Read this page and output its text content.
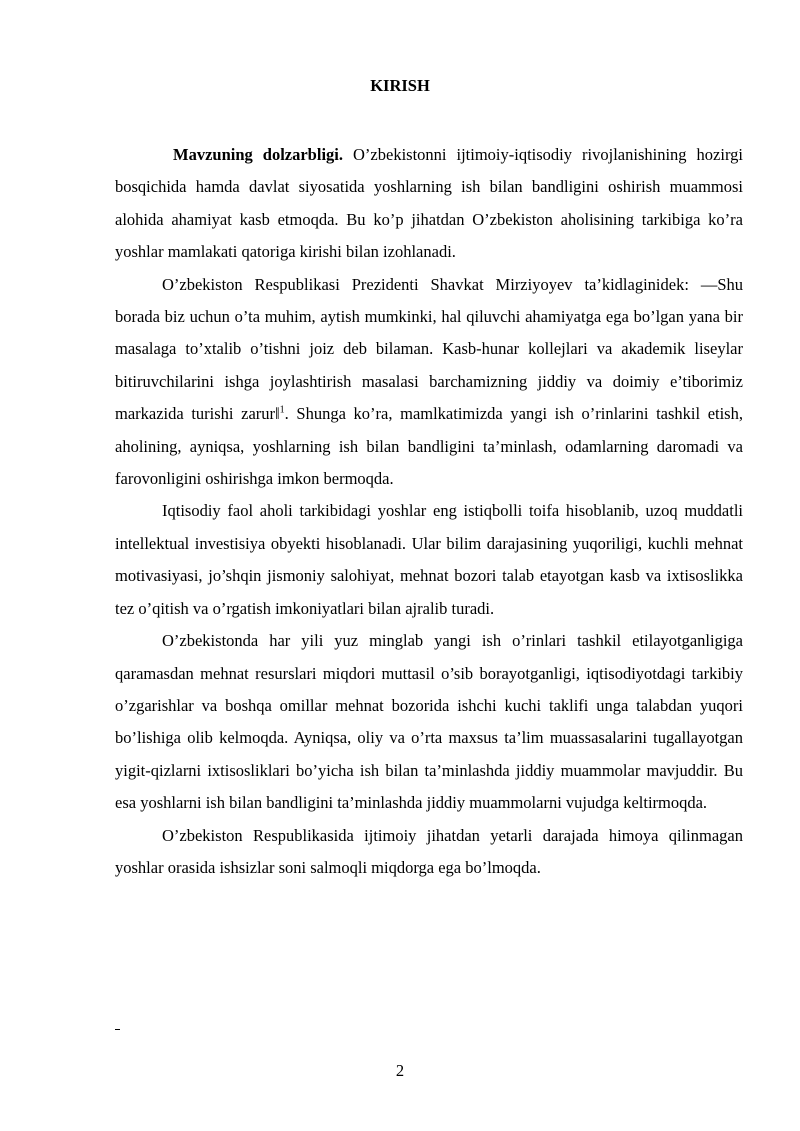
KIRISH

Mavzuning dolzarbligi. O’zbekistonni ijtimoiy-iqtisodiy rivojlanishining hozirgi bosqichida hamda davlat siyosatida yoshlarning ish bilan bandligini oshirish muammosi alohida ahamiyat kasb etmoqda. Bu ko’p jihatdan O’zbekiston aholisining tarkibiga ko’ra yoshlar mamlakati qatoriga kirishi bilan izohlanadi.

O’zbekiston Respublikasi Prezidenti Shavkat Mirziyoyev ta’kidlaginidek: ―Shu borada biz uchun o’ta muhim, aytish mumkinki, hal qiluvchi ahamiyatga ega bo’lgan yana bir masalaga to’xtalib o’tishni joiz deb bilaman. Kasb-hunar kollejlari va akademik liseylar bitiruvchilarini ishga joylashtirish masalasi barchamizning jiddiy va doimiy e’tiborimiz markazida turishi zarur‖$^1$. Shunga ko’ra, mamlkatimizda yangi ish o’rinlarini tashkil etish, aholining, ayniqsa, yoshlarning ish bilan bandligini ta’minlash, odamlarning daromadi va farovonligini oshirishga imkon bermoqda.

Iqtisodiy faol aholi tarkibidagi yoshlar eng istiqbolli toifa hisoblanib, uzoq muddatli intellektual investisiya obyekti hisoblanadi. Ular bilim darajasining yuqoriligi, kuchli mehnat motivasiyasi, jo’shqin jismoniy salohiyat, mehnat bozori talab etayotgan kasb va ixtisoslikka tez o’qitish va o’rgatish imkoniyatlari bilan ajralib turadi.

O’zbekistonda har yili yuz minglab yangi ish o’rinlari tashkil etilayotganligiga qaramasdan mehnat resurslari miqdori muttasil o’sib borayotganligi, iqtisodiyotdagi tarkibiy o’zgarishlar va boshqa omillar mehnat bozorida ishchi kuchi taklifi unga talabdan yuqori bo’lishiga olib kelmoqda. Ayniqsa, oliy va o’rta maxsus ta’lim muassasalarini tugallayotgan yigit-qizlarni ixtisosliklari bo’yicha ish bilan ta’minlashda jiddiy muammolar mavjuddir. Bu esa yoshlarni ish bilan bandligini ta’minlashda jiddiy muammolarni vujudga keltirmoqda.

O’zbekiston Respublikasida ijtimoiy jihatdan yetarli darajada himoya qilinmagan yoshlar orasida ishsizlar soni salmoqli miqdorga ega bo’lmoqda.

2
